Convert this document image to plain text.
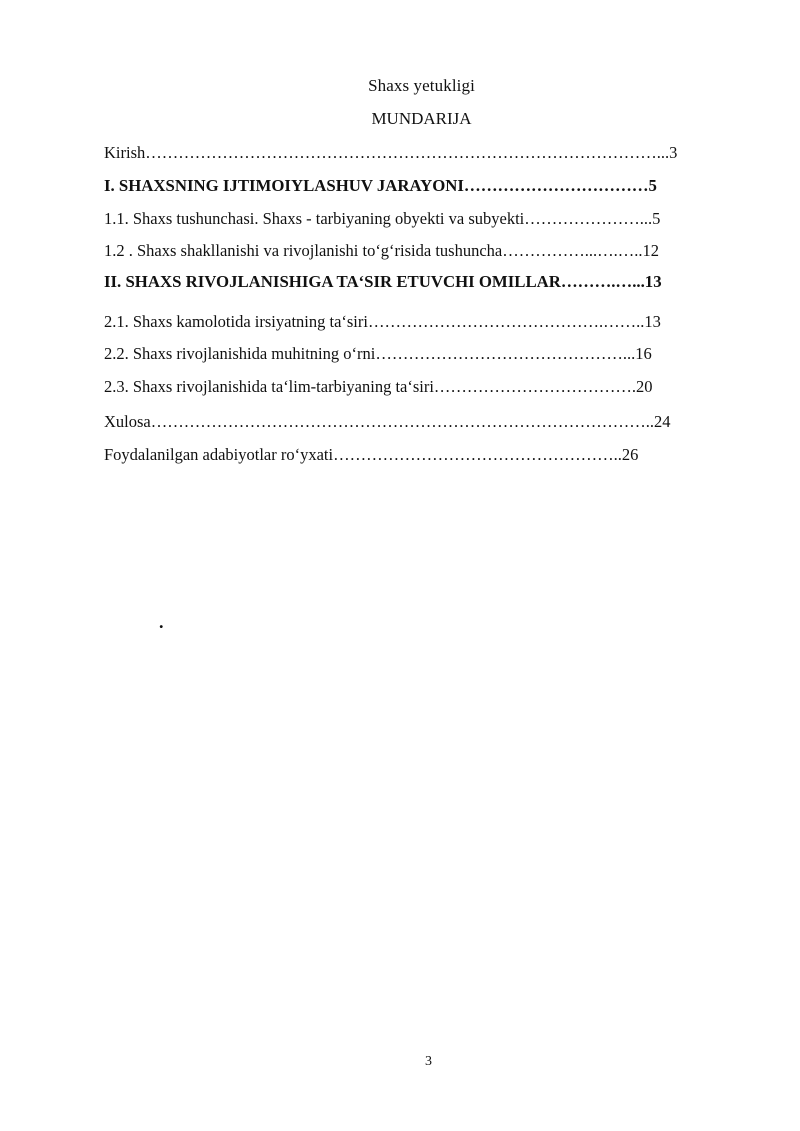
Shaxs yetukligi
MUNDARIJA
Kirish…………………………………………………………………………………...3
I. SHAXSNING IJTIMOIYLASHUV JARAYONI……………………………5
1.1. Shaxs tushunchasi. Shaxs - tarbiyaning obyekti va subyekti…………………...5
1.2 . Shaxs shakllanishi va rivojlanishi to‘g‘risida tushuncha……………...….…..12
II. SHAXS RIVOJLANISHIGA TA‘SIR ETUVCHI OMILLAR……….…...13
2.1. Shaxs kamolotida irsiyatning ta‘siri…………………………………….……..13
2.2. Shaxs rivojlanishida muhitning o‘rni………………………………………...16
2.3. Shaxs rivojlanishida ta‘lim-tarbiyaning ta‘siri……………………………….20
Xulosa………………………………………………………………………………..24
Foydalanilgan adabiyotlar ro‘yxati……………………………………………..26
.
3
